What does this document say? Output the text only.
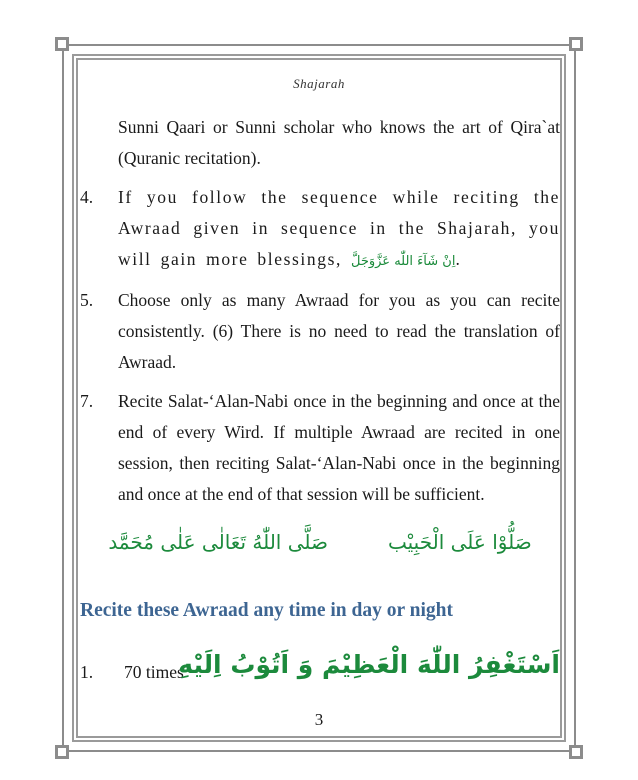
Shajarah
Sunni Qaari or Sunni scholar who knows the art of Qira`at (Quranic recitation).
4. If you follow the sequence while reciting the Awraad given in sequence in the Shajarah, you will gain more blessings, اِنْ شَآءَ اللّٰه عَزَّوَجَلَّ.
5. Choose only as many Awraad for you as you can recite consistently. (6) There is no need to read the translation of Awraad.
7. Recite Salat-‘Alan-Nabi once in the beginning and once at the end of every Wird. If multiple Awraad are recited in one session, then reciting Salat-‘Alan-Nabi once in the beginning and once at the end of that session will be sufficient.
صَلُّوْا عَلَى الْحَبِیْب
صَلَّى اللّٰهُ تَعَالٰى عَلٰى مُحَمَّد
Recite these Awraad any time in day or night
1. 70 times
اَسْتَغْفِرُ اللّٰهَ الْعَظِیْمَ وَ اَتُوْبُ اِلَیْهِ
3
